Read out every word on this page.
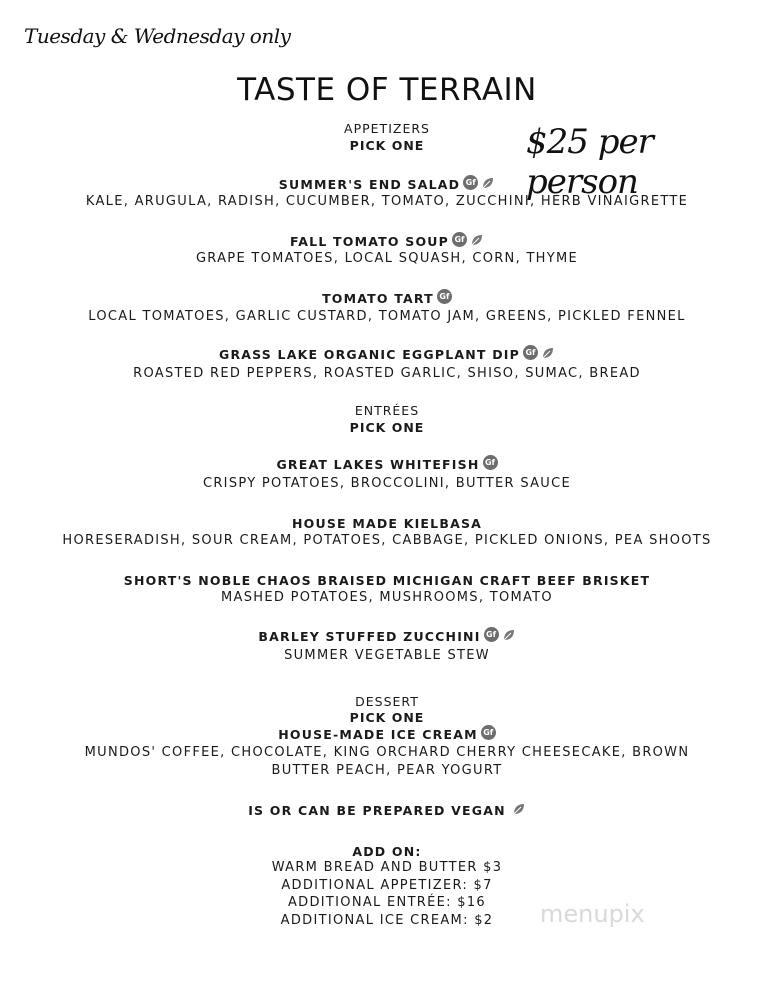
Tuesday & Wednesday only
TASTE OF TERRAIN
$25 per person
APPETIZERS
PICK ONE
SUMMER'S END SALAD Gf
KALE, ARUGULA, RADISH, CUCUMBER, TOMATO, ZUCCHINI, HERB VINAIGRETTE
FALL TOMATO SOUP Gf
GRAPE TOMATOES, LOCAL SQUASH, CORN, THYME
TOMATO TART Gf
LOCAL TOMATOES, GARLIC CUSTARD, TOMATO JAM, GREENS, PICKLED FENNEL
GRASS LAKE ORGANIC EGGPLANT DIP Gf
ROASTED RED PEPPERS, ROASTED GARLIC, SHISO, SUMAC, BREAD
ENTRÉES
PICK ONE
GREAT LAKES WHITEFISH Gf
CRISPY POTATOES, BROCCOLINI, BUTTER SAUCE
HOUSE MADE KIELBASA
HORESERADISH, SOUR CREAM, POTATOES, CABBAGE, PICKLED ONIONS, PEA SHOOTS
SHORT'S NOBLE CHAOS BRAISED MICHIGAN CRAFT BEEF BRISKET
MASHED POTATOES, MUSHROOMS, TOMATO
BARLEY STUFFED ZUCCHINI Gf
SUMMER VEGETABLE STEW
DESSERT
PICK ONE
HOUSE-MADE ICE CREAM Gf
MUNDOS' COFFEE, CHOCOLATE, KING ORCHARD CHERRY CHEESECAKE, BROWN
BUTTER PEACH, PEAR YOGURT
IS OR CAN BE PREPARED VEGAN
ADD ON:
WARM BREAD AND BUTTER $3
ADDITIONAL APPETIZER: $7
ADDITIONAL ENTRÉE: $16
ADDITIONAL ICE CREAM: $2	menupix
